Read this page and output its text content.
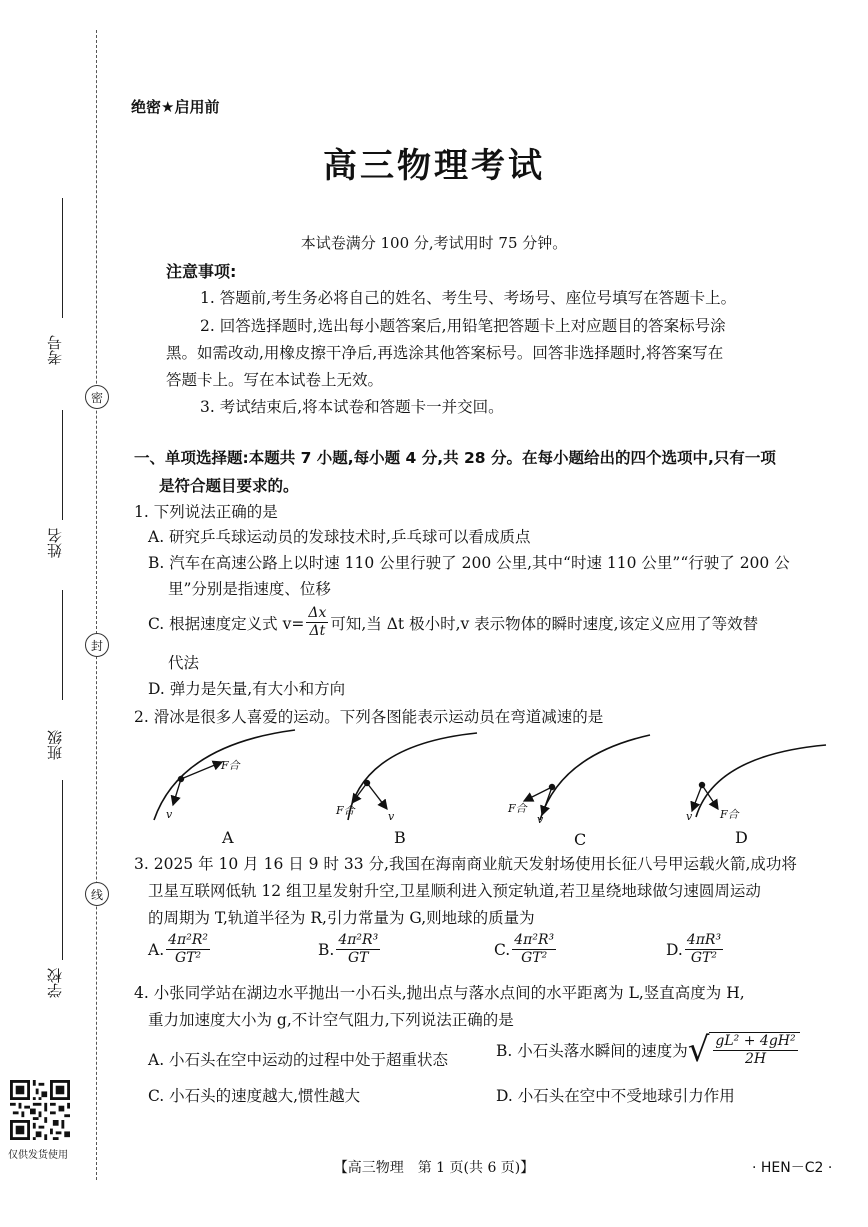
考号
密
姓名
封
班级
线
学校
仅供发货使用
绝密★启用前
高三物理考试
本试卷满分 100 分,考试用时 75 分钟。
注意事项:
1. 答题前,考生务必将自己的姓名、考生号、考场号、座位号填写在答题卡上。
2. 回答选择题时,选出每小题答案后,用铅笔把答题卡上对应题目的答案标号涂
黑。如需改动,用橡皮擦干净后,再选涂其他答案标号。回答非选择题时,将答案写在
答题卡上。写在本试卷上无效。
3. 考试结束后,将本试卷和答题卡一并交回。
一、单项选择题:本题共 7 小题,每小题 4 分,共 28 分。在每小题给出的四个选项中,只有一项
是符合题目要求的。
1. 下列说法正确的是
A. 研究乒乓球运动员的发球技术时,乒乓球可以看成质点
B. 汽车在高速公路上以时速 110 公里行驶了 200 公里,其中“时速 110 公里”“行驶了 200 公
里”分别是指速度、位移
C. 根据速度定义式 $v= \frac{\Delta x}{\Delta t}$ 可知,当 Δt 极小时,v 表示物体的瞬时速度,该定义应用了等效替
代法
D. 弹力是矢量,有大小和方向
2. 滑冰是很多人喜爱的运动。下列各图能表示运动员在弯道减速的是
F合
v	F合	v
F合
v	v	F合
A	B	C	D
3. 2025 年 10 月 16 日 9 时 33 分,我国在海南商业航天发射场使用长征八号甲运载火箭,成功将
卫星互联网低轨 12 组卫星发射升空,卫星顺利进入预定轨道,若卫星绕地球做匀速圆周运动
的周期为 T,轨道半径为 R,引力常量为 G,则地球的质量为
A. $\frac{\text{4π²R²}}{\text{GT²}}$	B. $\frac{\text{4π²R³}}{GT}$	C. $\frac{\text{4π²R³}}{\text{GT²}}$	D. $\frac{\text{4πR³}}{\text{GT²}}$
4. 小张同学站在湖边水平抛出一小石头,抛出点与落水点间的水平距离为 L,竖直高度为 H,
重力加速度大小为 g,不计空气阻力,下列说法正确的是
A. 小石头在空中运动的过程中处于超重状态	B. 小石头落水瞬间的速度为 √ $\frac{\text{gL² + 4gH²}}{2H}$
C. 小石头的速度越大,惯性越大	D. 小石头在空中不受地球引力作用
【高三物理　第 1 页(共 6 页)】	· HEN－C2 ·
